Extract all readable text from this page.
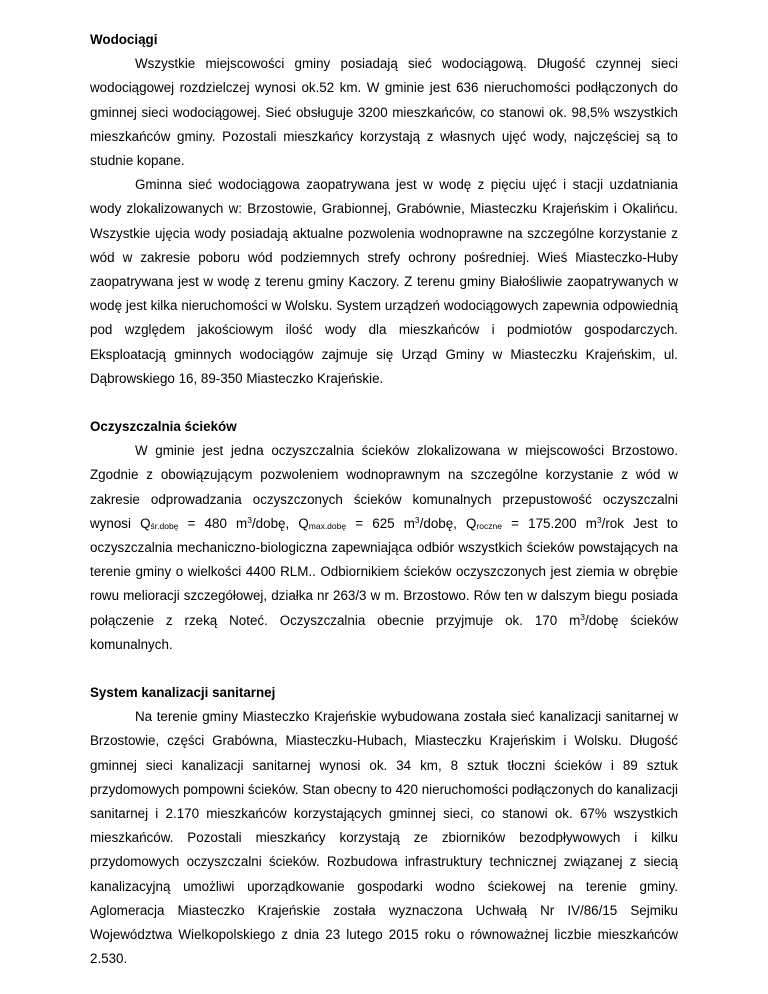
Wodociągi

Wszystkie miejscowości gminy posiadają sieć wodociągową. Długość czynnej sieci wodociągowej rozdzielczej wynosi ok.52 km. W gminie jest 636 nieruchomości podłączonych do gminnej sieci wodociągowej. Sieć obsługuje 3200 mieszkańców, co stanowi ok. 98,5% wszystkich mieszkańców gminy. Pozostali mieszkańcy korzystają z własnych ujęć wody, najczęściej są to studnie kopane.

Gminna sieć wodociągowa zaopatrywana jest w wodę z pięciu ujęć i stacji uzdatniania wody zlokalizowanych w: Brzostowie, Grabionnej, Grabównie, Miasteczku Krajeńskim i Okalińcu. Wszystkie ujęcia wody posiadają aktualne pozwolenia wodnoprawne na szczególne korzystanie z wód w zakresie poboru wód podziemnych strefy ochrony pośredniej. Wieś Miasteczko-Huby zaopatrywana jest w wodę z terenu gminy Kaczory. Z terenu gminy Białośliwie zaopatrywanych w wodę jest kilka nieruchomości w Wolsku. System urządzeń wodociągowych zapewnia odpowiednią pod względem jakościowym ilość wody dla mieszkańców i podmiotów gospodarczych. Eksploatacją gminnych wodociągów zajmuje się Urząd Gminy w Miasteczku Krajeńskim, ul. Dąbrowskiego 16, 89-350 Miasteczko Krajeńskie.

Oczyszczalnia ścieków

W gminie jest jedna oczyszczalnia ścieków zlokalizowana w miejscowości Brzostowo. Zgodnie z obowiązującym pozwoleniem wodnoprawnym na szczególne korzystanie z wód w zakresie odprowadzania oczyszczonych ścieków komunalnych przepustowość oczyszczalni wynosi $Q_{śr.dobę} = 480$ $m^3$/dobę, $Q_{max.dobę} = 625$ $m^3$/dobę, $Q_{roczne} = 175.200$ $m^3$/rok Jest to oczyszczalnia mechaniczno-biologiczna zapewniająca odbiór wszystkich ścieków powstających na terenie gminy o wielkości 4400 RLM.. Odbiornikiem ścieków oczyszczonych jest ziemia w obrębie rowu melioracji szczegółowej, działka nr 263/3 w m. Brzostowo. Rów ten w dalszym biegu posiada połączenie z rzeką Noteć. Oczyszczalnia obecnie przyjmuje ok. 170 $m^3$/dobę ścieków komunalnych.

System kanalizacji sanitarnej

Na terenie gminy Miasteczko Krajeńskie wybudowana została sieć kanalizacji sanitarnej w Brzostowie, części Grabówna, Miasteczku-Hubach, Miasteczku Krajeńskim i Wolsku. Długość gminnej sieci kanalizacji sanitarnej wynosi ok. 34 km, 8 sztuk tłoczni ścieków i 89 sztuk przydomowych pompowni ścieków. Stan obecny to 420 nieruchomości podłączonych do kanalizacji sanitarnej i 2.170 mieszkańców korzystających gminnej sieci, co stanowi ok. 67% wszystkich mieszkańców. Pozostali mieszkańcy korzystają ze zbiorników bezodpływowych i kilku przydomowych oczyszczalni ścieków. Rozbudowa infrastruktury technicznej związanej z siecią kanalizacyjną umożliwi uporządkowanie gospodarki wodno ściekowej na terenie gminy. Aglomeracja Miasteczko Krajeńskie została wyznaczona Uchwałą Nr IV/86/15 Sejmiku Województwa Wielkopolskiego z dnia 23 lutego 2015 roku o równoważnej liczbie mieszkańców 2.530.
